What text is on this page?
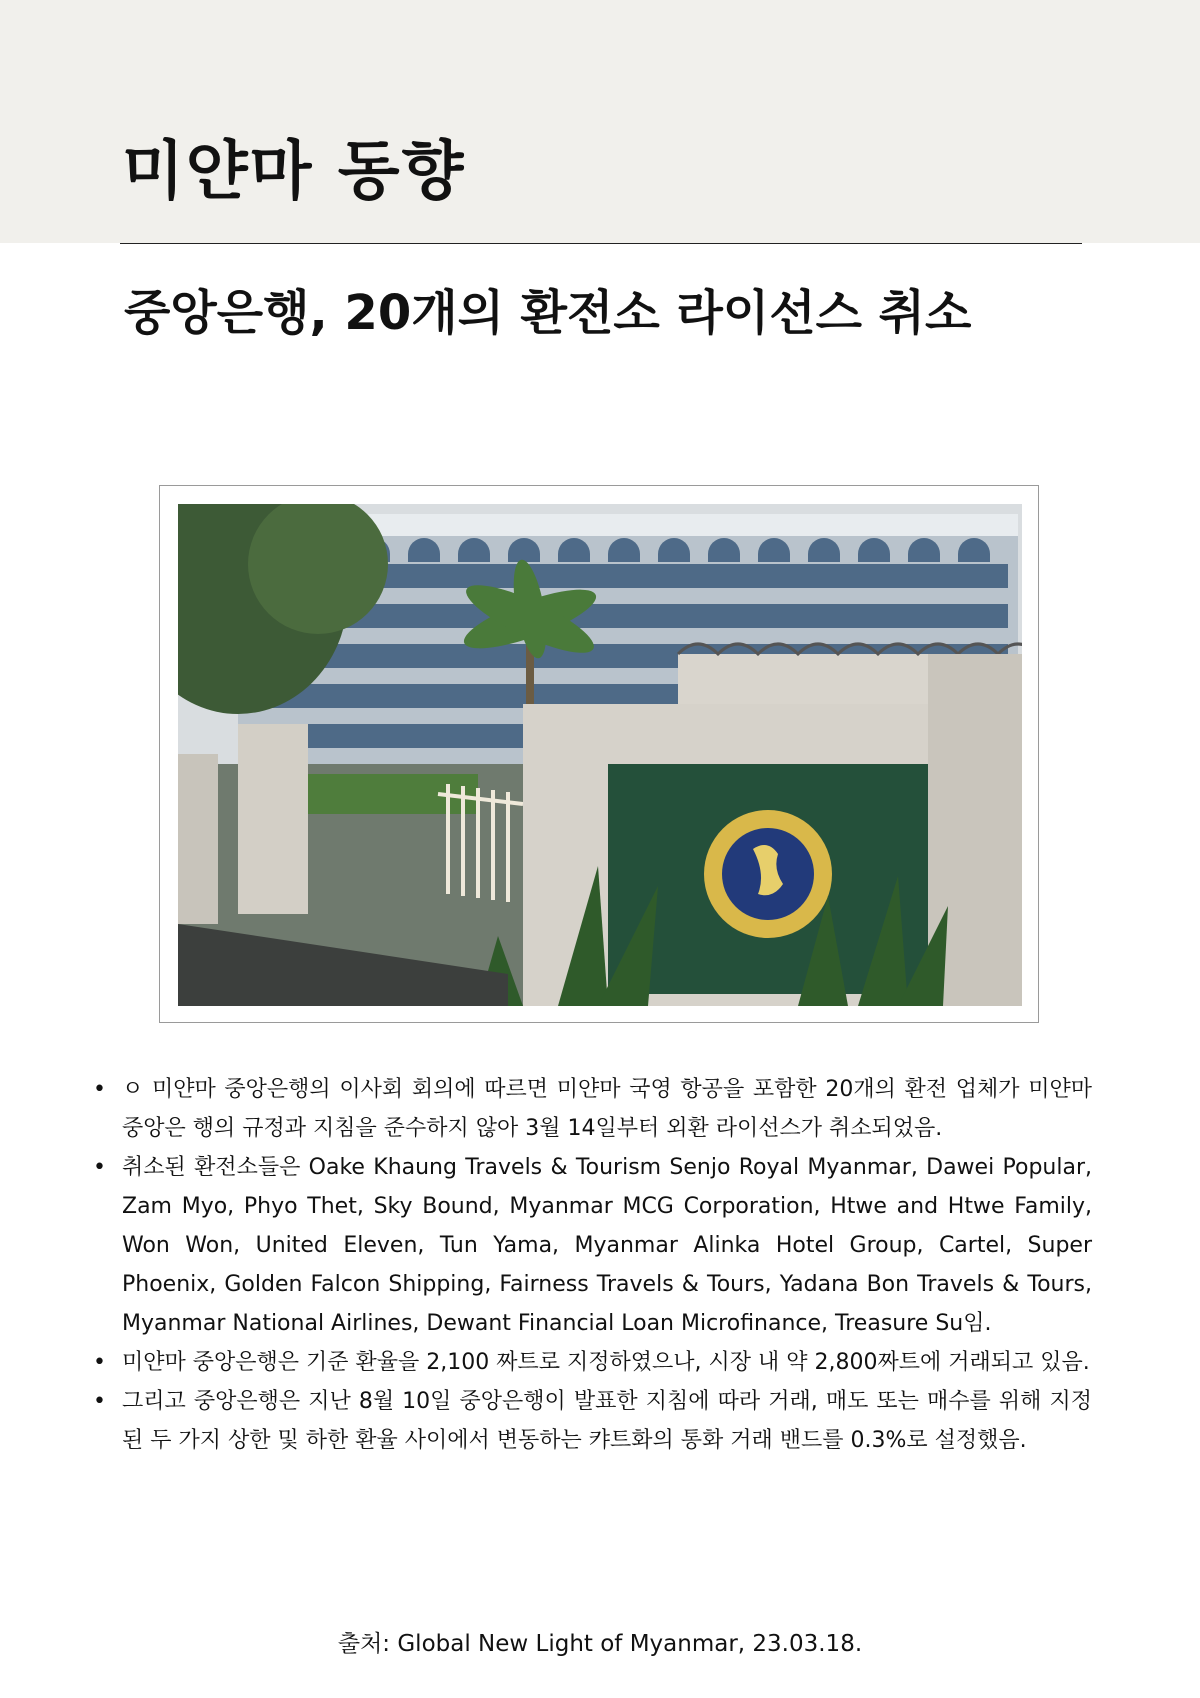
미얀마 동향
중앙은행, 20개의 환전소 라이선스 취소
• ㅇ 미얀마 중앙은행의 이사회 회의에 따르면 미얀마 국영 항공을 포함한 20개의 환전 업체가 미얀마 중앙은 행의 규정과 지침을 준수하지 않아 3월 14일부터 외환 라이선스가 취소되었음.
• 취소된 환전소들은 Oake Khaung Travels & Tourism Senjo Royal Myanmar, Dawei Popular, Zam Myo, Phyo Thet, Sky Bound, Myanmar MCG Corporation, Htwe and Htwe Family, Won Won, United Eleven, Tun Yama, Myanmar Alinka Hotel Group, Cartel, Super Phoenix, Golden Falcon Shipping, Fairness Travels & Tours, Yadana Bon Travels & Tours, Myanmar National Airlines, Dewant Financial Loan Microfinance, Treasure Su임.
• 미얀마 중앙은행은 기준 환율을 2,100 짜트로 지정하였으나, 시장 내 약 2,800짜트에 거래되고 있음.
• 그리고 중앙은행은 지난 8월 10일 중앙은행이 발표한 지침에 따라 거래, 매도 또는 매수를 위해 지정된 두 가지 상한 및 하한 환율 사이에서 변동하는 캬트화의 통화 거래 밴드를 0.3%로 설정했음.
출처: Global New Light of Myanmar, 23.03.18.
